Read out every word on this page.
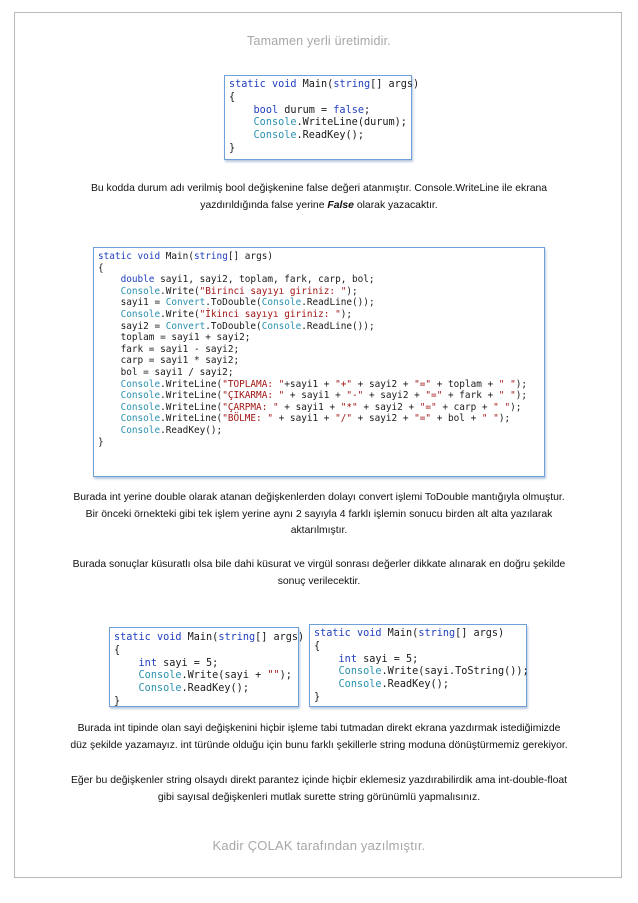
Tamamen yerli üretimidir.
static void Main(string[] args)
{
bool durum = false;
Console.WriteLine(durum);
Console.ReadKey();
}
Bu kodda durum adı verilmiş bool değişkenine false değeri atanmıştır. Console.WriteLine ile ekrana yazdırıldığında false yerine False olarak yazacaktır.
static void Main(string[] args)
{
double sayi1, sayi2, toplam, fark, carp, bol;
Console.Write("Birinci sayıyı giriniz: ");
sayi1 = Convert.ToDouble(Console.ReadLine());
Console.Write("İkinci sayıyı giriniz: ");
sayi2 = Convert.ToDouble(Console.ReadLine());
toplam = sayi1 + sayi2;
fark = sayi1 - sayi2;
carp = sayi1 * sayi2;
bol = sayi1 / sayi2;
Console.WriteLine("TOPLAMA: "+sayi1 + "+" + sayi2 + "=" + toplam + " ");
Console.WriteLine("ÇIKARMA: " + sayi1 + "-" + sayi2 + "=" + fark + " ");
Console.WriteLine("ÇARPMA: " + sayi1 + "*" + sayi2 + "=" + carp + " ");
Console.WriteLine("BÖLME: " + sayi1 + "/" + sayi2 + "=" + bol + " ");
Console.ReadKey();
}
Burada int yerine double olarak atanan değişkenlerden dolayı convert işlemi ToDouble mantığıyla olmuştur. Bir önceki örnekteki gibi tek işlem yerine aynı 2 sayıyla 4 farklı işlemin sonucu birden alt alta yazılarak aktarılmıştır.
Burada sonuçlar küsuratlı olsa bile dahi küsurat ve virgül sonrası değerler dikkate alınarak en doğru şekilde sonuç verilecektir.
static void Main(string[] args)
{
int sayi = 5;
Console.Write(sayi + "");
Console.ReadKey();
}
static void Main(string[] args)
{
int sayi = 5;
Console.Write(sayi.ToString());
Console.ReadKey();
}
Burada int tipinde olan sayi değişkenini hiçbir işleme tabi tutmadan direkt ekrana yazdırmak istediğimizde düz şekilde yazamayız. int türünde olduğu için bunu farklı şekillerle string moduna dönüştürmemiz gerekiyor.
Eğer bu değişkenler string olsaydı direkt parantez içinde hiçbir eklemesiz yazdırabilirdik ama int-double-float gibi sayısal değişkenleri mutlak surette string görünümlü yapmalısınız.
Kadir ÇOLAK tarafından yazılmıştır.
